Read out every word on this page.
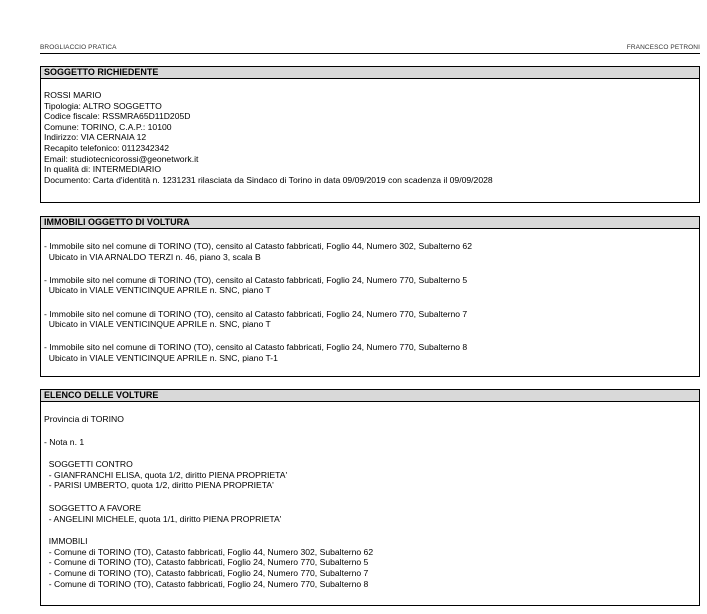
BROGLIACCIO PRATICA	FRANCESCO PETRONI
SOGGETTO RICHIEDENTE
ROSSI MARIO
Tipologia: ALTRO SOGGETTO
Codice fiscale: RSSMRA65D11D205D
Comune: TORINO, C.A.P.: 10100
Indirizzo: VIA CERNAIA 12
Recapito telefonico: 0112342342
Email: studiotecnicorossi@geonetwork.it
In qualità di: INTERMEDIARIO
Documento: Carta d'identità n. 1231231 rilasciata da Sindaco di Torino in data 09/09/2019 con scadenza il 09/09/2028
IMMOBILI OGGETTO DI VOLTURA
- Immobile sito nel comune di TORINO (TO), censito al Catasto fabbricati, Foglio 44, Numero 302, Subalterno 62
Ubicato in VIA ARNALDO TERZI n. 46, piano 3, scala B
- Immobile sito nel comune di TORINO (TO), censito al Catasto fabbricati, Foglio 24, Numero 770, Subalterno 5
Ubicato in VIALE VENTICINQUE APRILE n. SNC, piano T
- Immobile sito nel comune di TORINO (TO), censito al Catasto fabbricati, Foglio 24, Numero 770, Subalterno 7
Ubicato in VIALE VENTICINQUE APRILE n. SNC, piano T
- Immobile sito nel comune di TORINO (TO), censito al Catasto fabbricati, Foglio 24, Numero 770, Subalterno 8
Ubicato in VIALE VENTICINQUE APRILE n. SNC, piano T-1
ELENCO DELLE VOLTURE
Provincia di TORINO
- Nota n. 1
SOGGETTI CONTRO
- GIANFRANCHI ELISA, quota 1/2, diritto PIENA PROPRIETA'
- PARISI UMBERTO, quota 1/2, diritto PIENA PROPRIETA'
SOGGETTO A FAVORE
- ANGELINI MICHELE, quota 1/1, diritto PIENA PROPRIETA'
IMMOBILI
- Comune di TORINO (TO), Catasto fabbricati, Foglio 44, Numero 302, Subalterno 62
- Comune di TORINO (TO), Catasto fabbricati, Foglio 24, Numero 770, Subalterno 5
- Comune di TORINO (TO), Catasto fabbricati, Foglio 24, Numero 770, Subalterno 7
- Comune di TORINO (TO), Catasto fabbricati, Foglio 24, Numero 770, Subalterno 8
